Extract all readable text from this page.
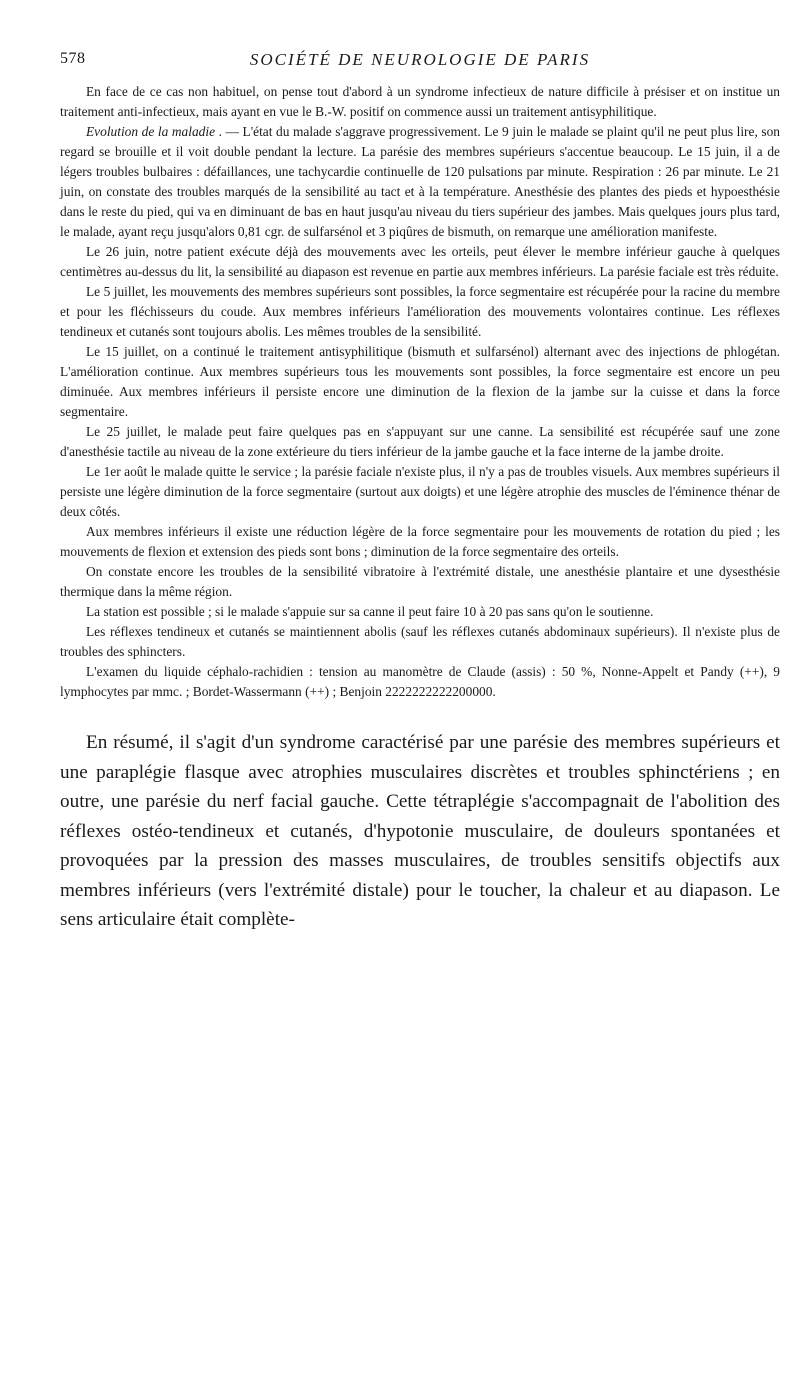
578	SOCIÉTÉ DE NEUROLOGIE DE PARIS

En face de ce cas non habituel, on pense tout d'abord à un syndrome infectieux de nature difficile à présiser et on institue un traitement anti-infectieux, mais ayant en vue le B.-W. positif on commence aussi un traitement antisyphilitique.

Evolution de la maladie . — L'état du malade s'aggrave progressivement. Le 9 juin le malade se plaint qu'il ne peut plus lire, son regard se brouille et il voit double pendant la lecture. La parésie des membres supérieurs s'accentue beaucoup. Le 15 juin, il a de légers troubles bulbaires : défaillances, une tachycardie continuelle de 120 pulsations par minute. Respiration : 26 par minute. Le 21 juin, on constate des troubles marqués de la sensibilité au tact et à la température. Anesthésie des plantes des pieds et hypoesthésie dans le reste du pied, qui va en diminuant de bas en haut jusqu'au niveau du tiers supérieur des jambes. Mais quelques jours plus tard, le malade, ayant reçu jusqu'alors 0,81 cgr. de sulfarsénol et 3 piqûres de bismuth, on remarque une amélioration manifeste.

Le 26 juin, notre patient exécute déjà des mouvements avec les orteils, peut élever le membre inférieur gauche à quelques centimètres au-dessus du lit, la sensibilité au diapason est revenue en partie aux membres inférieurs. La parésie faciale est très réduite.

Le 5 juillet, les mouvements des membres supérieurs sont possibles, la force segmentaire est récupérée pour la racine du membre et pour les fléchisseurs du coude. Aux membres inférieurs l'amélioration des mouvements volontaires continue. Les réflexes tendineux et cutanés sont toujours abolis. Les mêmes troubles de la sensibilité.

Le 15 juillet, on a continué le traitement antisyphilitique (bismuth et sulfarsénol) alternant avec des injections de phlogétan. L'amélioration continue. Aux membres supérieurs tous les mouvements sont possibles, la force segmentaire est encore un peu diminuée. Aux membres inférieurs il persiste encore une diminution de la flexion de la jambe sur la cuisse et dans la force segmentaire.

Le 25 juillet, le malade peut faire quelques pas en s'appuyant sur une canne. La sensibilité est récupérée sauf une zone d'anesthésie tactile au niveau de la zone extérieure du tiers inférieur de la jambe gauche et la face interne de la jambe droite.

Le 1er août le malade quitte le service ; la parésie faciale n'existe plus, il n'y a pas de troubles visuels. Aux membres supérieurs il persiste une légère diminution de la force segmentaire (surtout aux doigts) et une légère atrophie des muscles de l'éminence thénar de deux côtés.

Aux membres inférieurs il existe une réduction légère de la force segmentaire pour les mouvements de rotation du pied ; les mouvements de flexion et extension des pieds sont bons ; diminution de la force segmentaire des orteils.

On constate encore les troubles de la sensibilité vibratoire à l'extrémité distale, une anesthésie plantaire et une dysesthésie thermique dans la même région.

La station est possible ; si le malade s'appuie sur sa canne il peut faire 10 à 20 pas sans qu'on le soutienne.

Les réflexes tendineux et cutanés se maintiennent abolis (sauf les réflexes cutanés abdominaux supérieurs). Il n'existe plus de troubles des sphincters.

L'examen du liquide céphalo-rachidien : tension au manomètre de Claude (assis) : 50 %, Nonne-Appelt et Pandy (++), 9 lymphocytes par mmc. ; Bordet-Wassermann (++) ; Benjoin 2222222222200000.

En résumé, il s'agit d'un syndrome caractérisé par une parésie des membres supérieurs et une paraplégie flasque avec atrophies musculaires discrètes et troubles sphinctériens ; en outre, une parésie du nerf facial gauche. Cette tétraplégie s'accompagnait de l'abolition des réflexes ostéo-tendineux et cutanés, d'hypotonie musculaire, de douleurs spontanées et provoquées par la pression des masses musculaires, de troubles sensitifs objectifs aux membres inférieurs (vers l'extrémité distale) pour le toucher, la chaleur et au diapason. Le sens articulaire était complète-
